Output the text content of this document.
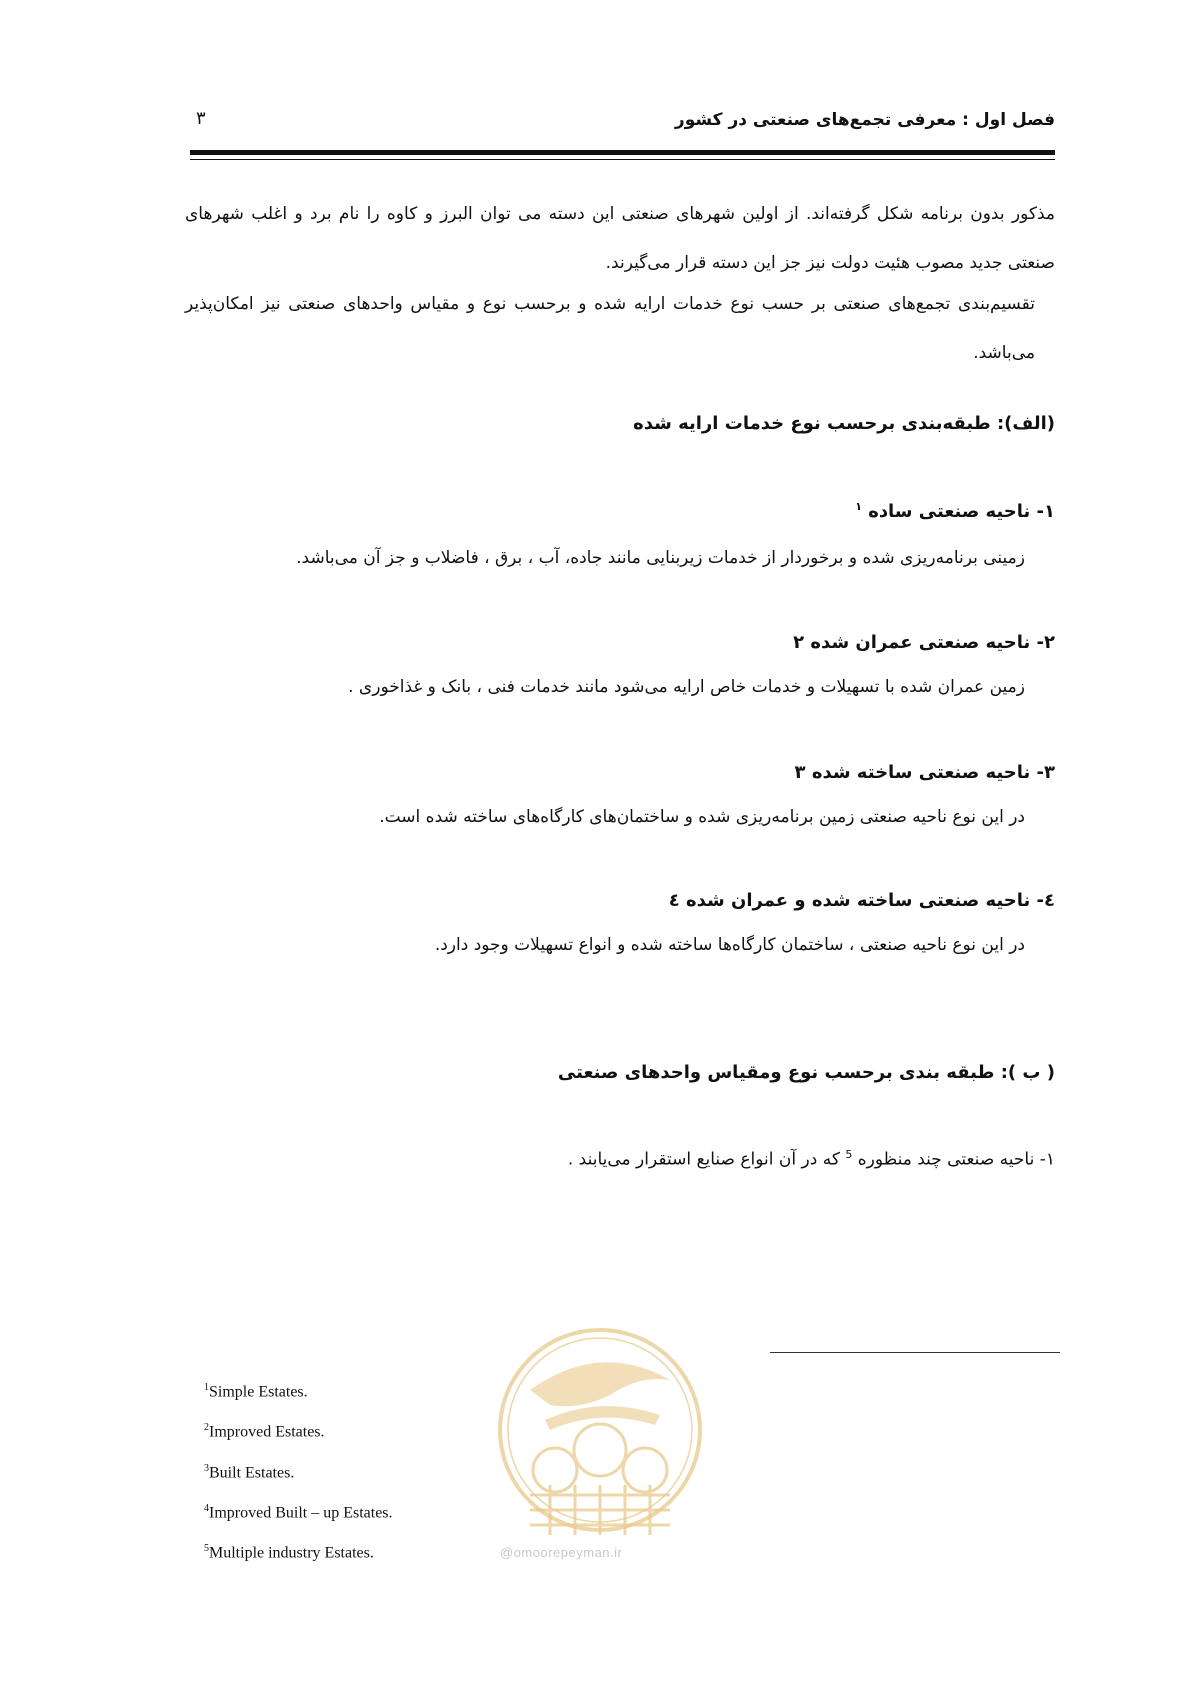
فصل اول : معرفی تجمع‌های صنعتی در کشور
۳
مذکور بدون برنامه شکل گرفته‌اند. از اولین شهرهای صنعتی این دسته می توان البرز و کاوه را نام برد و اغلب شهرهای صنعتی جدید مصوب هئیت دولت نیز جز این دسته قرار می‌گیرند.
تقسیم‌بندی تجمع‌های صنعتی بر حسب نوع خدمات ارایه شده و برحسب نوع و مقیاس واحدهای صنعتی نیز امکان‌پذیر می‌باشد.
(الف): طبقه‌بندی برحسب نوع خدمات ارایه شده
۱- ناحیه صنعتی ساده $^۱$
زمینی برنامه‌ریزی شده و برخوردار از خدمات زیربنایی مانند جاده، آب ، برق ، فاضلاب و جز آن می‌باشد.
۲- ناحیه صنعتی عمران شده ۲
زمین عمران شده با تسهیلات و خدمات خاص ارایه می‌شود مانند خدمات فنی ، بانک و غذاخوری .
۳- ناحیه صنعتی ساخته شده ۳
در این نوع ناحیه صنعتی زمین برنامه‌ریزی شده و ساختمان‌های کارگاه‌های ساخته شده است.
٤- ناحیه صنعتی ساخته شده و عمران شده ٤
در این نوع ناحیه صنعتی ، ساختمان کارگاه‌ها ساخته شده و انواع تسهیلات وجود دارد.
( ب ): طبقه بندی برحسب نوع ومقیاس واحدهای صنعتی
۱- ناحیه صنعتی چند منظوره $^5$ که در آن انواع صنایع استقرار می‌یابند .
@omoorepeyman.ir
$^1$Simple Estates.
$^2$Improved Estates.
$^3$Built Estates.
$^4$Improved Built – up Estates.
$^5$Multiple industry Estates.
